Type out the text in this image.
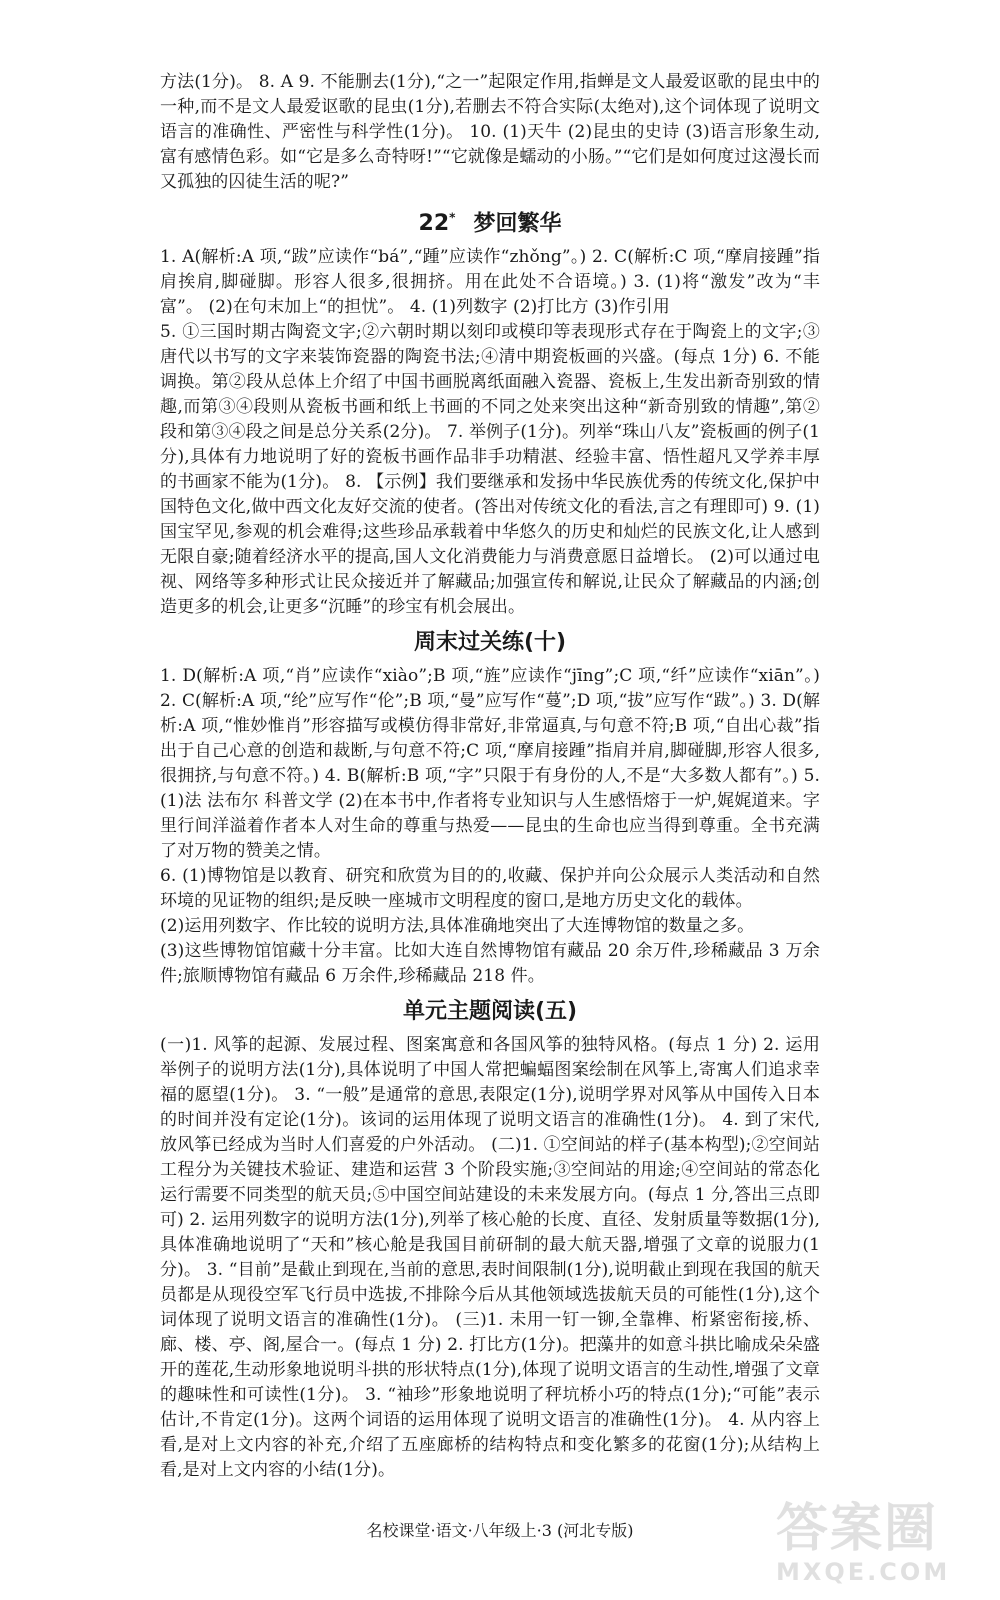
方法(1分)。 8. A 9. 不能删去(1分),“之一”起限定作用,指蝉是文人最爱讴歌的昆虫中的一种,而不是文人最爱讴歌的昆虫(1分),若删去不符合实际(太绝对),这个词体现了说明文语言的准确性、严密性与科学性(1分)。 10. (1)天牛 (2)昆虫的史诗 (3)语言形象生动,富有感情色彩。如“它是多么奇特呀!”“它就像是蠕动的小肠。”“它们是如何度过这漫长而又孤独的囚徒生活的呢?”

22* 梦回繁华

1. A(解析:A 项,“跋”应读作“bá”,“踵”应读作“zhǒng”。) 2. C(解析:C 项,“摩肩接踵”指肩挨肩,脚碰脚。形容人很多,很拥挤。用在此处不合语境。) 3. (1)将“激发”改为“丰富”。 (2)在句末加上“的担忧”。 4. (1)列数字 (2)打比方 (3)作引用

5. ①三国时期古陶瓷文字;②六朝时期以刻印或模印等表现形式存在于陶瓷上的文字;③唐代以书写的文字来装饰瓷器的陶瓷书法;④清中期瓷板画的兴盛。(每点 1分) 6. 不能调换。第②段从总体上介绍了中国书画脱离纸面融入瓷器、瓷板上,生发出新奇别致的情趣,而第③④段则从瓷板书画和纸上书画的不同之处来突出这种“新奇别致的情趣”,第②段和第③④段之间是总分关系(2分)。 7. 举例子(1分)。列举“珠山八友”瓷板画的例子(1分),具体有力地说明了好的瓷板书画作品非手功精湛、经验丰富、悟性超凡又学养丰厚的书画家不能为(1分)。 8. 【示例】我们要继承和发扬中华民族优秀的传统文化,保护中国特色文化,做中西文化友好交流的使者。(答出对传统文化的看法,言之有理即可) 9. (1)国宝罕见,参观的机会难得;这些珍品承载着中华悠久的历史和灿烂的民族文化,让人感到无限自豪;随着经济水平的提高,国人文化消费能力与消费意愿日益增长。 (2)可以通过电视、网络等多种形式让民众接近并了解藏品;加强宣传和解说,让民众了解藏品的内涵;创造更多的机会,让更多“沉睡”的珍宝有机会展出。

周末过关练(十)

1. D(解析:A 项,“肖”应读作“xiào”;B 项,“旌”应读作“jīng”;C 项,“纤”应读作“xiān”。) 2. C(解析:A 项,“纶”应写作“伦”;B 项,“曼”应写作“蔓”;D 项,“拔”应写作“跋”。) 3. D(解析:A 项,“惟妙惟肖”形容描写或模仿得非常好,非常逼真,与句意不符;B 项,“自出心裁”指出于自己心意的创造和裁断,与句意不符;C 项,“摩肩接踵”指肩并肩,脚碰脚,形容人很多,很拥挤,与句意不符。) 4. B(解析:B 项,“字”只限于有身份的人,不是“大多数人都有”。) 5. (1)法 法布尔 科普文学 (2)在本书中,作者将专业知识与人生感悟熔于一炉,娓娓道来。字里行间洋溢着作者本人对生命的尊重与热爱——昆虫的生命也应当得到尊重。全书充满了对万物的赞美之情。

6. (1)博物馆是以教育、研究和欣赏为目的的,收藏、保护并向公众展示人类活动和自然环境的见证物的组织;是反映一座城市文明程度的窗口,是地方历史文化的载体。

(2)运用列数字、作比较的说明方法,具体准确地突出了大连博物馆的数量之多。

(3)这些博物馆馆藏十分丰富。比如大连自然博物馆有藏品 20 余万件,珍稀藏品 3 万余件;旅顺博物馆有藏品 6 万余件,珍稀藏品 218 件。

单元主题阅读(五)

(一)1. 风筝的起源、发展过程、图案寓意和各国风筝的独特风格。(每点 1 分) 2. 运用举例子的说明方法(1分),具体说明了中国人常把蝙蝠图案绘制在风筝上,寄寓人们追求幸福的愿望(1分)。 3. “一般”是通常的意思,表限定(1分),说明学界对风筝从中国传入日本的时间并没有定论(1分)。该词的运用体现了说明文语言的准确性(1分)。 4. 到了宋代,放风筝已经成为当时人们喜爱的户外活动。 (二)1. ①空间站的样子(基本构型);②空间站工程分为关键技术验证、建造和运营 3 个阶段实施;③空间站的用途;④空间站的常态化运行需要不同类型的航天员;⑤中国空间站建设的未来发展方向。(每点 1 分,答出三点即可) 2. 运用列数字的说明方法(1分),列举了核心舱的长度、直径、发射质量等数据(1分),具体准确地说明了“天和”核心舱是我国目前研制的最大航天器,增强了文章的说服力(1分)。 3. “目前”是截止到现在,当前的意思,表时间限制(1分),说明截止到现在我国的航天员都是从现役空军飞行员中选拔,不排除今后从其他领域选拔航天员的可能性(1分),这个词体现了说明文语言的准确性(1分)。 (三)1. 未用一钉一铆,全靠榫、桁紧密衔接,桥、廊、楼、亭、阁,屋合一。(每点 1 分) 2. 打比方(1分)。把藻井的如意斗拱比喻成朵朵盛开的莲花,生动形象地说明斗拱的形状特点(1分),体现了说明文语言的生动性,增强了文章的趣味性和可读性(1分)。 3. “袖珍”形象地说明了秤坑桥小巧的特点(1分);“可能”表示估计,不肯定(1分)。这两个词语的运用体现了说明文语言的准确性(1分)。 4. 从内容上看,是对上文内容的补充,介绍了五座廊桥的结构特点和变化繁多的花窗(1分);从结构上看,是对上文内容的小结(1分)。

名校课堂·语文·八年级上·3 (河北专版)	答案圈
MXQE.COM
